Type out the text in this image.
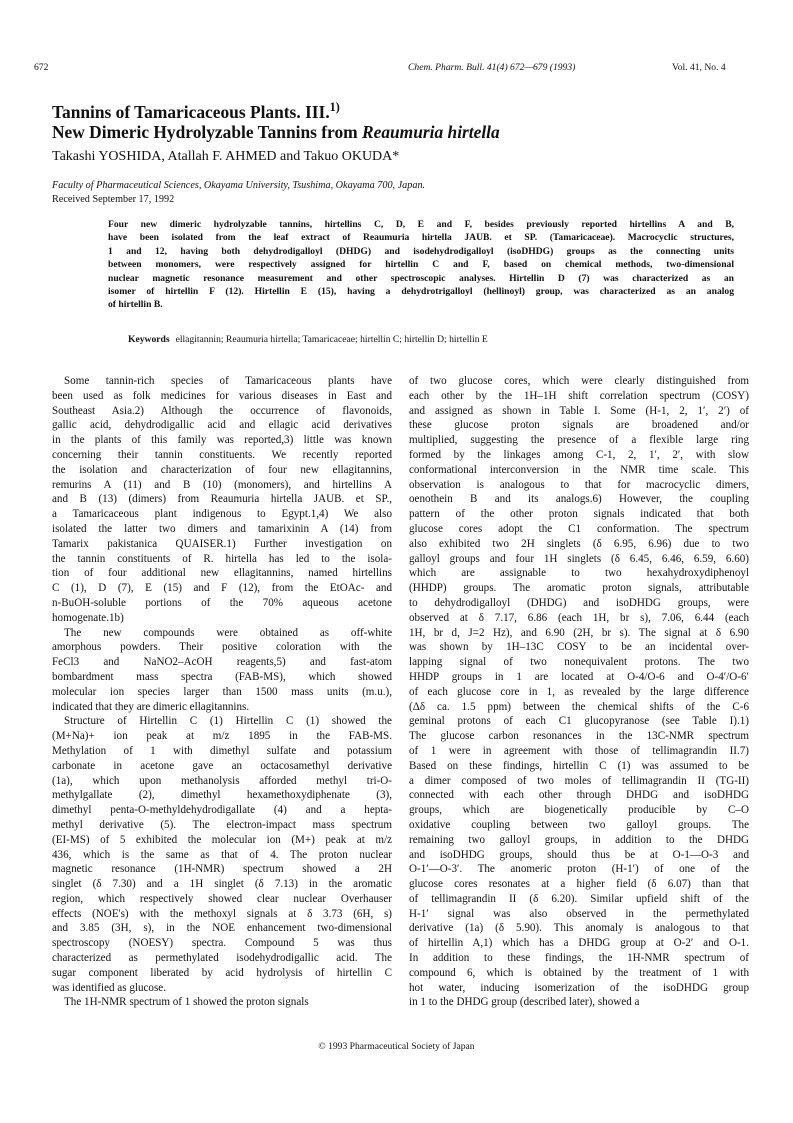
672	Chem. Pharm. Bull. 41(4) 672—679 (1993)	Vol. 41, No. 4
Tannins of Tamaricaceous Plants. III.$^{1)}$
New Dimeric Hydrolyzable Tannins from Reaumuria hirtella
Takashi YOSHIDA, Atallah F. AHMED and Takuo OKUDA*
Faculty of Pharmaceutical Sciences, Okayama University, Tsushima, Okayama 700, Japan.
Received September 17, 1992
Four new dimeric hydrolyzable tannins, hirtellins C, D, E and F, besides previously reported hirtellins A and B,
have been isolated from the leaf extract of Reaumuria hirtella JAUB. et SP. (Tamaricaceae). Macrocyclic structures,
1 and 12, having both dehydrodigalloyl (DHDG) and isodehydrodigalloyl (isoDHDG) groups as the connecting units
between monomers, were respectively assigned for hirtellin C and F, based on chemical methods, two-dimensional
nuclear magnetic resonance measurement and other spectroscopic analyses. Hirtellin D (7) was characterized as an
isomer of hirtellin F (12). Hirtellin E (15), having a dehydrotrigalloyl (hellinoyl) group, was characterized as an analog
of hirtellin B.
Keywords ellagitannin; Reaumuria hirtella; Tamaricaceae; hirtellin C; hirtellin D; hirtellin E
Some tannin-rich species of Tamaricaceous plants have
been used as folk medicines for various diseases in East and
Southeast Asia.2) Although the occurrence of flavonoids,
gallic acid, dehydrodigallic acid and ellagic acid derivatives
in the plants of this family was reported,3) little was known
concerning their tannin constituents. We recently reported
the isolation and characterization of four new ellagitannins,
remurins A (11) and B (10) (monomers), and hirtellins A
and B (13) (dimers) from Reaumuria hirtella JAUB. et SP.,
a Tamaricaceous plant indigenous to Egypt.1,4) We also
isolated the latter two dimers and tamarixinin A (14) from
Tamarix pakistanica QUAISER.1) Further investigation on
the tannin constituents of R. hirtella has led to the isola-
tion of four additional new ellagitannins, named hirtellins
C (1), D (7), E (15) and F (12), from the EtOAc- and
n-BuOH-soluble portions of the 70% aqueous acetone
homogenate.1b)
The new compounds were obtained as off-white
amorphous powders. Their positive coloration with the
FeCl3 and NaNO2–AcOH reagents,5) and fast-atom
bombardment mass spectra (FAB-MS), which showed
molecular ion species larger than 1500 mass units (m.u.),
indicated that they are dimeric ellagitannins.
Structure of Hirtellin C (1) Hirtellin C (1) showed the
(M+Na)+ ion peak at m/z 1895 in the FAB-MS.
Methylation of 1 with dimethyl sulfate and potassium
carbonate in acetone gave an octacosamethyl derivative
(1a), which upon methanolysis afforded methyl tri-O-
methylgallate (2), dimethyl hexamethoxydiphenate (3),
dimethyl penta-O-methyldehydrodigallate (4) and a hepta-
methyl derivative (5). The electron-impact mass spectrum
(EI-MS) of 5 exhibited the molecular ion (M+) peak at m/z
436, which is the same as that of 4. The proton nuclear
magnetic resonance (1H-NMR) spectrum showed a 2H
singlet (δ 7.30) and a 1H singlet (δ 7.13) in the aromatic
region, which respectively showed clear nuclear Overhauser
effects (NOE's) with the methoxyl signals at δ 3.73 (6H, s)
and 3.85 (3H, s), in the NOE enhancement two-dimensional
spectroscopy (NOESY) spectra. Compound 5 was thus
characterized as permethylated isodehydrodigallic acid. The
sugar component liberated by acid hydrolysis of hirtellin C
was identified as glucose.
The 1H-NMR spectrum of 1 showed the proton signals
of two glucose cores, which were clearly distinguished from
each other by the 1H–1H shift correlation spectrum (COSY)
and assigned as shown in Table I. Some (H-1, 2, 1′, 2′) of
these glucose proton signals are broadened and/or
multiplied, suggesting the presence of a flexible large ring
formed by the linkages among C-1, 2, 1′, 2′, with slow
conformational interconversion in the NMR time scale. This
observation is analogous to that for macrocyclic dimers,
oenothein B and its analogs.6) However, the coupling
pattern of the other proton signals indicated that both
glucose cores adopt the C1 conformation. The spectrum
also exhibited two 2H singlets (δ 6.95, 6.96) due to two
galloyl groups and four 1H singlets (δ 6.45, 6.46, 6.59, 6.60)
which are assignable to two hexahydroxydiphenoyl
(HHDP) groups. The aromatic proton signals, attributable
to dehydrodigalloyl (DHDG) and isoDHDG groups, were
observed at δ 7.17, 6.86 (each 1H, br s), 7.06, 6.44 (each
1H, br d, J=2 Hz), and 6.90 (2H, br s). The signal at δ 6.90
was shown by 1H–13C COSY to be an incidental over-
lapping signal of two nonequivalent protons. The two
HHDP groups in 1 are located at O-4/O-6 and O-4′/O-6′
of each glucose core in 1, as revealed by the large difference
(Δδ ca. 1.5 ppm) between the chemical shifts of the C-6
geminal protons of each C1 glucopyranose (see Table I).1)
The glucose carbon resonances in the 13C-NMR spectrum
of 1 were in agreement with those of tellimagrandin II.7)
Based on these findings, hirtellin C (1) was assumed to be
a dimer composed of two moles of tellimagrandin II (TG-II)
connected with each other through DHDG and isoDHDG
groups, which are biogenetically producible by C–O
oxidative coupling between two galloyl groups. The
remaining two galloyl groups, in addition to the DHDG
and isoDHDG groups, should thus be at O-1—O-3 and
O-1′—O-3′. The anomeric proton (H-1′) of one of the
glucose cores resonates at a higher field (δ 6.07) than that
of tellimagrandin II (δ 6.20). Similar upfield shift of the
H-1′ signal was also observed in the permethylated
derivative (1a) (δ 5.90). This anomaly is analogous to that
of hirtellin A,1) which has a DHDG group at O-2′ and O-1.
In addition to these findings, the 1H-NMR spectrum of
compound 6, which is obtained by the treatment of 1 with
hot water, inducing isomerization of the isoDHDG group
in 1 to the DHDG group (described later), showed a
© 1993 Pharmaceutical Society of Japan
